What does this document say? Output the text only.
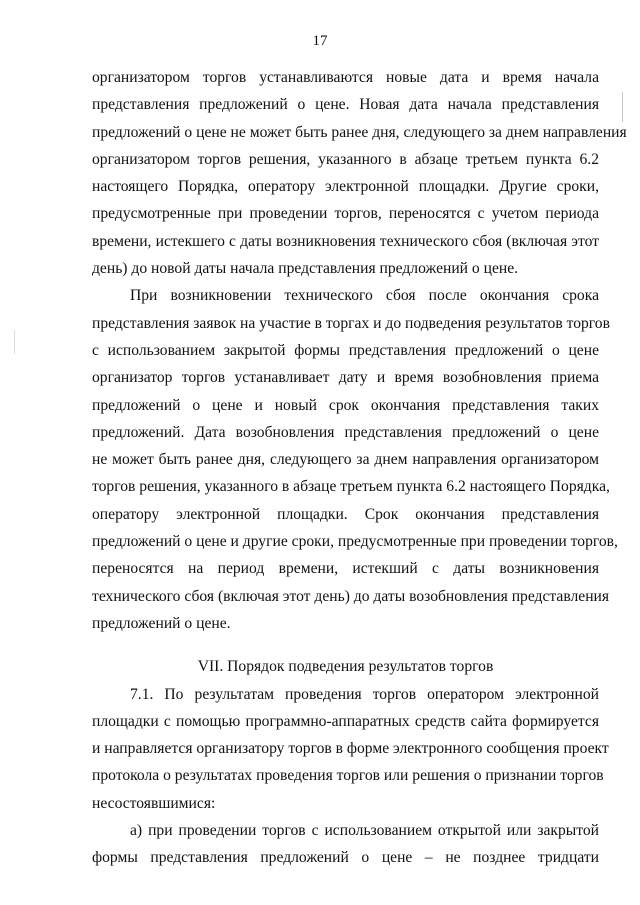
17
организатором торгов устанавливаются новые дата и время начала
представления предложений о цене. Новая дата начала представления
предложений о цене не может быть ранее дня, следующего за днем направления
организатором торгов решения, указанного в абзаце третьем пункта 6.2
настоящего Порядка, оператору электронной площадки. Другие сроки,
предусмотренные при проведении торгов, переносятся с учетом периода
времени, истекшего с даты возникновения технического сбоя (включая этот
день) до новой даты начала представления предложений о цене.
При возникновении технического сбоя после окончания срока
представления заявок на участие в торгах и до подведения результатов торгов
с использованием закрытой формы представления предложений о цене
организатор торгов устанавливает дату и время возобновления приема
предложений о цене и новый срок окончания представления таких
предложений. Дата возобновления представления предложений о цене
не может быть ранее дня, следующего за днем направления организатором
торгов решения, указанного в абзаце третьем пункта 6.2 настоящего Порядка,
оператору электронной площадки. Срок окончания представления
предложений о цене и другие сроки, предусмотренные при проведении торгов,
переносятся на период времени, истекший с даты возникновения
технического сбоя (включая этот день) до даты возобновления представления
предложений о цене.
VII. Порядок подведения результатов торгов
7.1. По результатам проведения торгов оператором электронной
площадки с помощью программно-аппаратных средств сайта формируется
и направляется организатору торгов в форме электронного сообщения проект
протокола о результатах проведения торгов или решения о признании торгов
несостоявшимися:
а) при проведении торгов с использованием открытой или закрытой
формы представления предложений о цене – не позднее тридцати
